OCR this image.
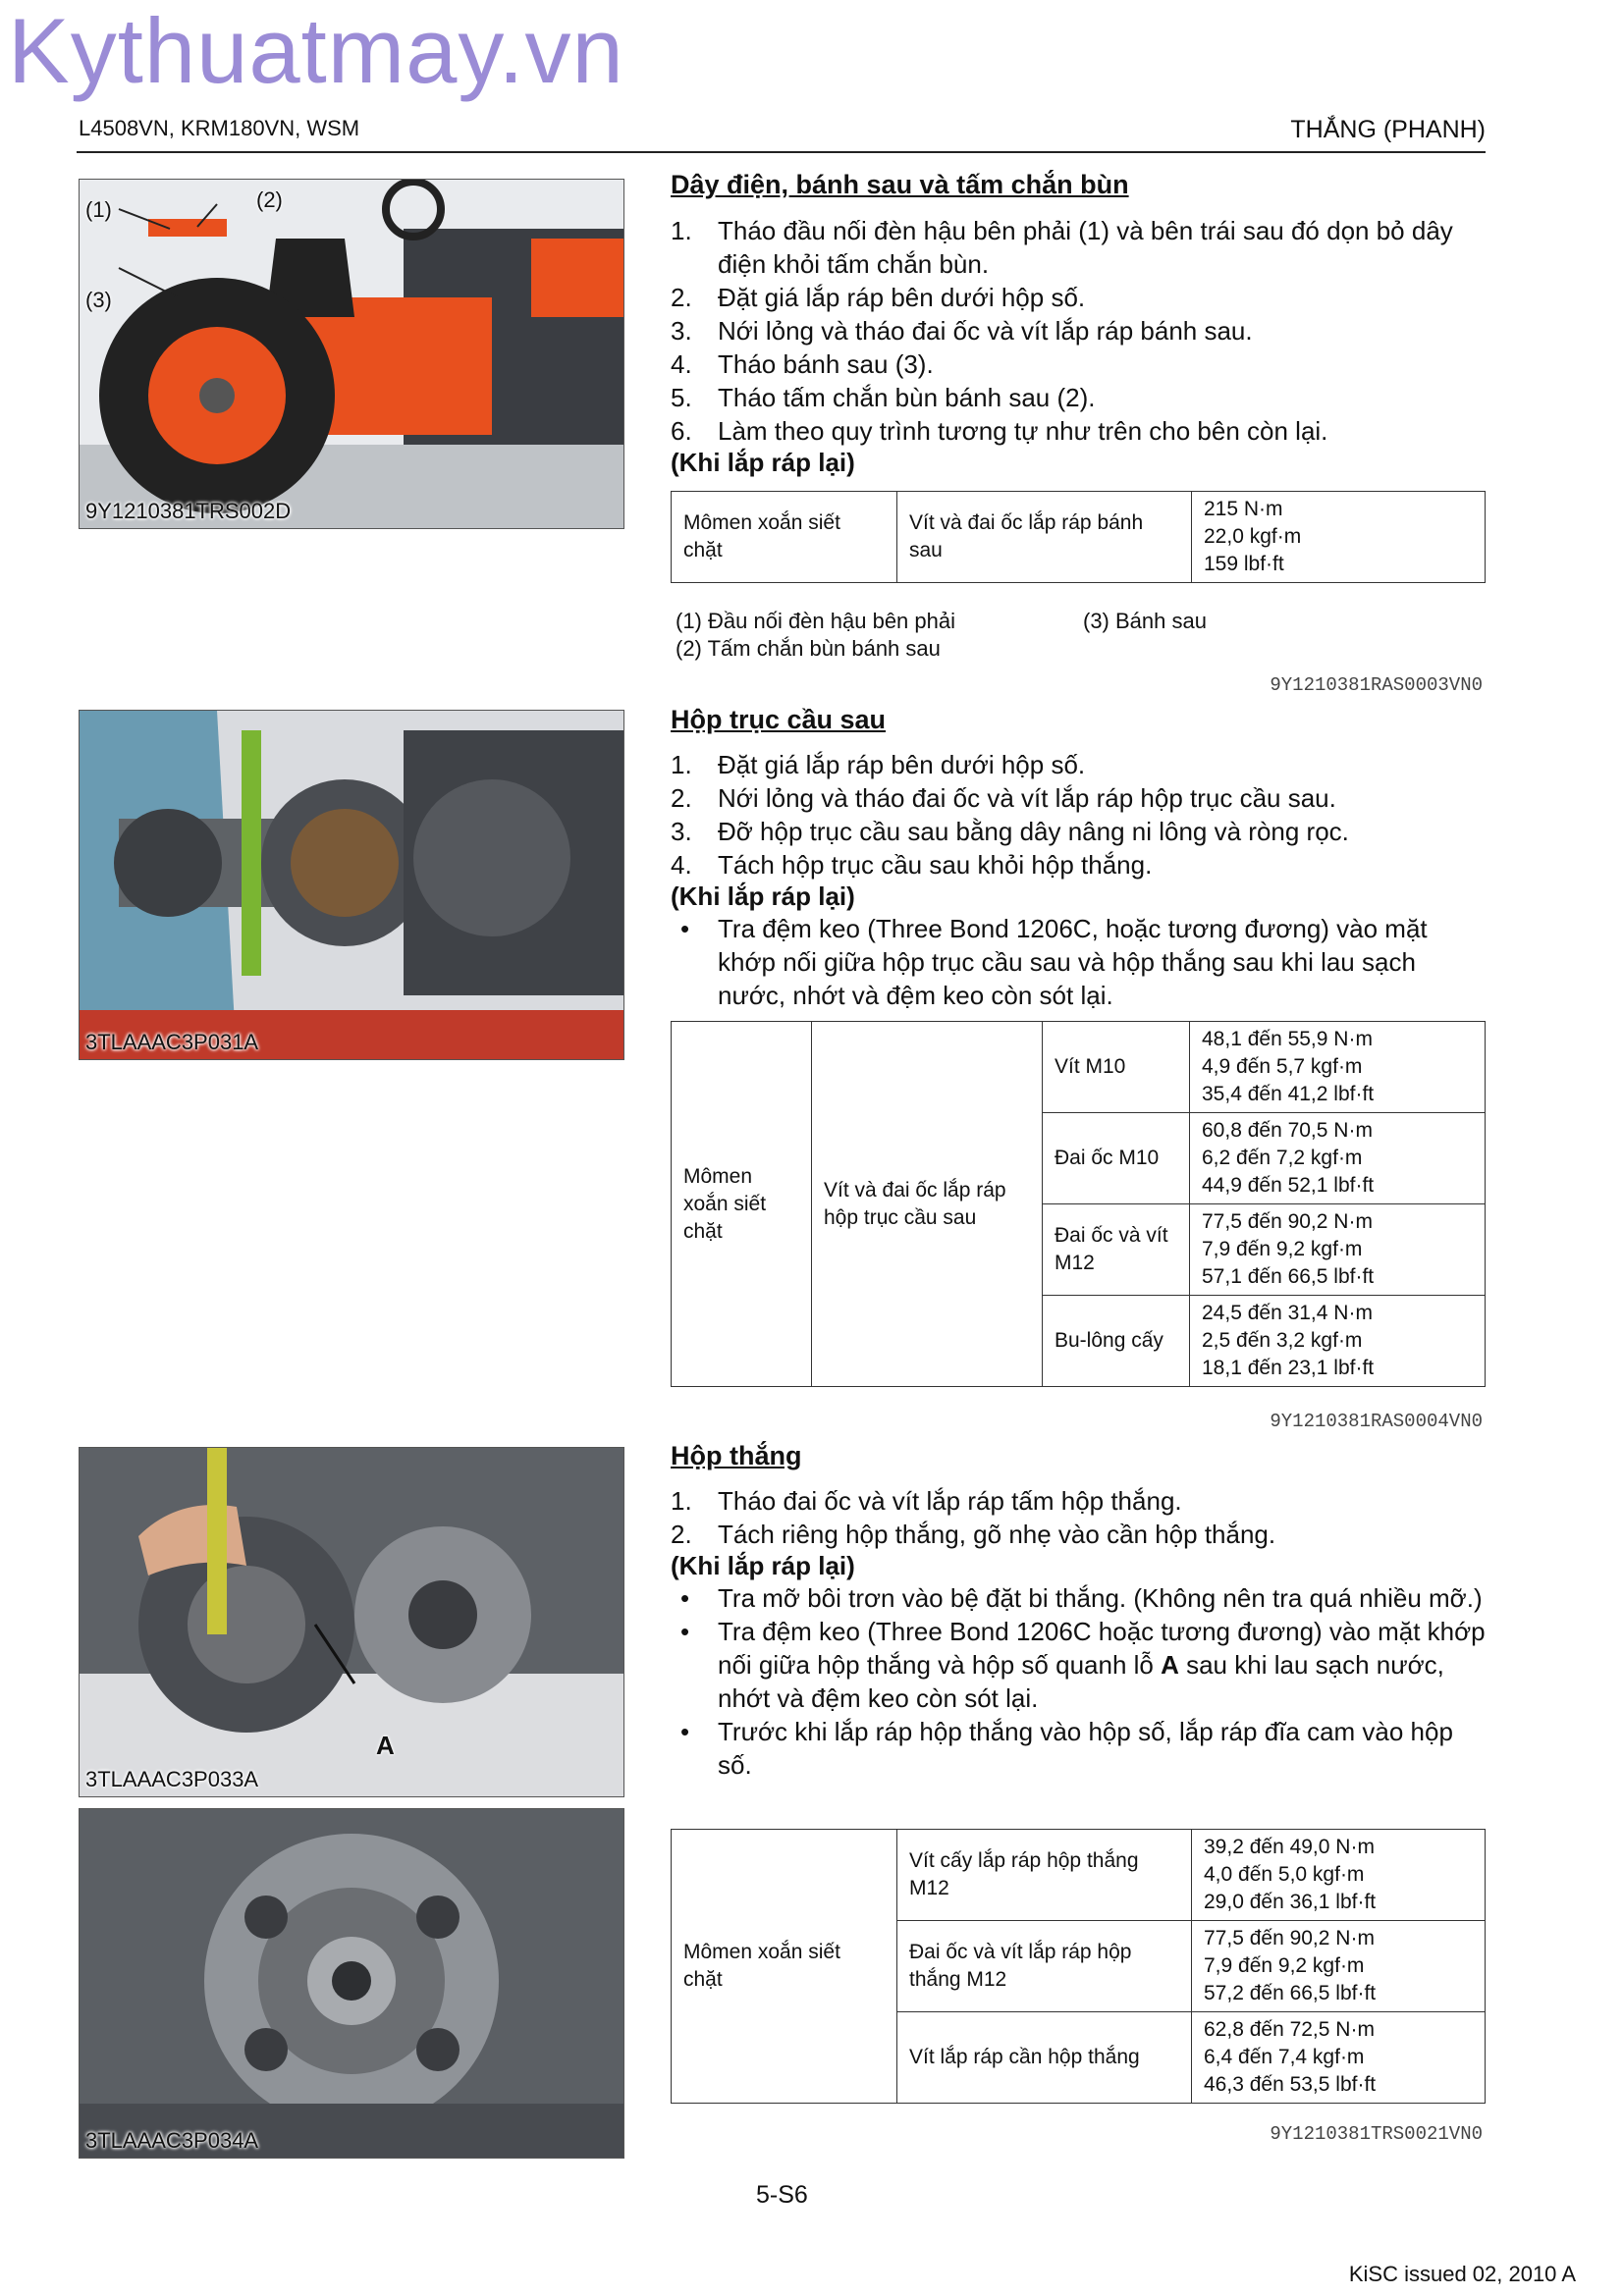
Kythuatmay.vn
L4508VN, KRM180VN, WSM	THẮNG (PHANH)
(1)	(2)
(3)
9Y1210381TRS002D
3TLAAAC3P031A
A
3TLAAAC3P033A
3TLAAAC3P034A
Dây điện, bánh sau và tấm chắn bùn
1.	Tháo đầu nối đèn hậu bên phải (1) và bên trái sau đó dọn bỏ dây điện khỏi tấm chắn bùn.
2.	Đặt giá lắp ráp bên dưới hộp số.
3.	Nới lỏng và tháo đai ốc và vít lắp ráp bánh sau.
4.	Tháo bánh sau (3).
5.	Tháo tấm chắn bùn bánh sau (2).
6.	Làm theo quy trình tương tự như trên cho bên còn lại.
(Khi lắp ráp lại)
Mômen xoắn siết chặt	Vít và đai ốc lắp ráp bánh sau	
215 N·m
22,0 kgf·m
159 lbf·ft
(1) Đầu nối đèn hậu bên phải
(2) Tấm chắn bùn bánh sau
(3) Bánh sau
9Y1210381RAS0003VN0
Hộp trục cầu sau
1.	Đặt giá lắp ráp bên dưới hộp số.
2.	Nới lỏng và tháo đai ốc và vít lắp ráp hộp trục cầu sau.
3.	Đỡ hộp trục cầu sau bằng dây nâng ni lông và ròng rọc.
4.	Tách hộp trục cầu sau khỏi hộp thắng.
(Khi lắp ráp lại)
• Tra đệm keo (Three Bond 1206C, hoặc tương đương) vào mặt khớp nối giữa hộp trục cầu sau và hộp thắng sau khi lau sạch nước, nhớt và đệm keo còn sót lại.
Mômen xoắn siết chặt	Vít và đai ốc lắp ráp hộp trục cầu sau	Vít M10	48,1 đến 55,9 N·m
4,9 đến 5,7 kgf·m
35,4 đến 41,2 lbf·ft

		Đai ốc M10	60,8 đến 70,5 N·m
6,2 đến 7,2 kgf·m
44,9 đến 52,1 lbf·ft

		Đai ốc và vít M12	77,5 đến 90,2 N·m
7,9 đến 9,2 kgf·m
57,1 đến 66,5 lbf·ft

		Bu-lông cấy	24,5 đến 31,4 N·m
2,5 đến 3,2 kgf·m
18,1 đến 23,1 lbf·ft
9Y1210381RAS0004VN0
Hộp thắng
1.	Tháo đai ốc và vít lắp ráp tấm hộp thắng.
2.	Tách riêng hộp thắng, gõ nhẹ vào cần hộp thắng.
(Khi lắp ráp lại)
• Tra mỡ bôi trơn vào bệ đặt bi thắng. (Không nên tra quá nhiều mỡ.)
• Tra đệm keo (Three Bond 1206C hoặc tương đương) vào mặt khớp nối giữa hộp thắng và hộp số quanh lỗ A sau khi lau sạch nước, nhớt và đệm keo còn sót lại.
• Trước khi lắp ráp hộp thắng vào hộp số, lắp ráp đĩa cam vào hộp số.
Mômen xoắn siết chặt	Vít cấy lắp ráp hộp thắng M12	39,2 đến 49,0 N·m
4,0 đến 5,0 kgf·m
29,0 đến 36,1 lbf·ft

	Đai ốc và vít lắp ráp hộp thắng M12	77,5 đến 90,2 N·m
7,9 đến 9,2 kgf·m
57,2 đến 66,5 lbf·ft

	Vít lắp ráp cần hộp thắng	62,8 đến 72,5 N·m
6,4 đến 7,4 kgf·m
46,3 đến 53,5 lbf·ft
9Y1210381TRS0021VN0
5-S6
KiSC issued 02, 2010 A
